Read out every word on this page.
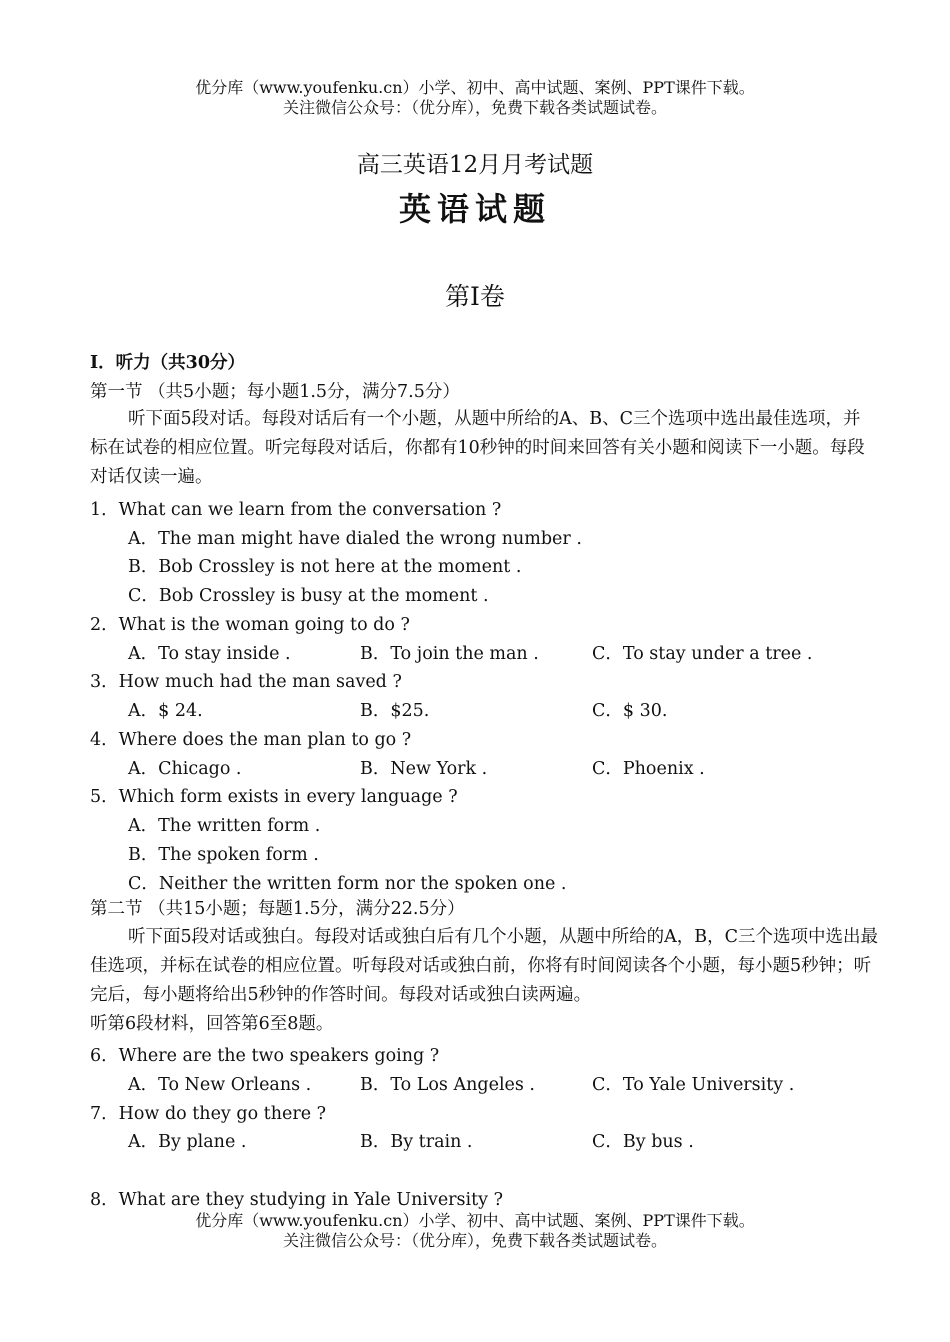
优分库（www.youfenku.cn）小学、初中、高中试题、案例、PPT课件下载。
关注微信公众号：（优分库），免费下载各类试题试卷。
高三英语12月月考试题
英语试题
第Ⅰ卷
I．听力（共30分）
第一节 （共5小题；每小题1.5分，满分7.5分）
听下面5段对话。每段对话后有一个小题，从题中所给的A、B、C三个选项中选出最佳选项，并标在试卷的相应位置。听完每段对话后，你都有10秒钟的时间来回答有关小题和阅读下一小题。每段对话仅读一遍。
1．What can we learn from the conversation ?
A．The man might have dialed the wrong number .
B．Bob Crossley is not here at the moment .
C．Bob Crossley is busy at the moment .
2．What is the woman going to do ?
A．To stay inside .	B．To join the man .	C．To stay under a tree .
3．How much had the man saved ?
A．$ 24.	B．$25.	C．$ 30.
4．Where does the man plan to go ?
A．Chicago .	B．New York .	C．Phoenix .
5．Which form exists in every language ?
A．The written form .
B．The spoken form .
C．Neither the written form nor the spoken one .
第二节 （共15小题；每题1.5分，满分22.5分）
听下面5段对话或独白。每段对话或独白后有几个小题，从题中所给的A，B，C三个选项中选出最佳选项，并标在试卷的相应位置。听每段对话或独白前，你将有时间阅读各个小题，每小题5秒钟；听完后，每小题将给出5秒钟的作答时间。每段对话或独白读两遍。
听第6段材料，回答第6至8题。
6．Where are the two speakers going ?
A．To New Orleans .	B．To Los Angeles .	C．To Yale University .
7．How do they go there ?
A．By plane .	B．By train .	C．By bus .
8．What are they studying in Yale University ?
优分库（www.youfenku.cn）小学、初中、高中试题、案例、PPT课件下载。
关注微信公众号：（优分库），免费下载各类试题试卷。
